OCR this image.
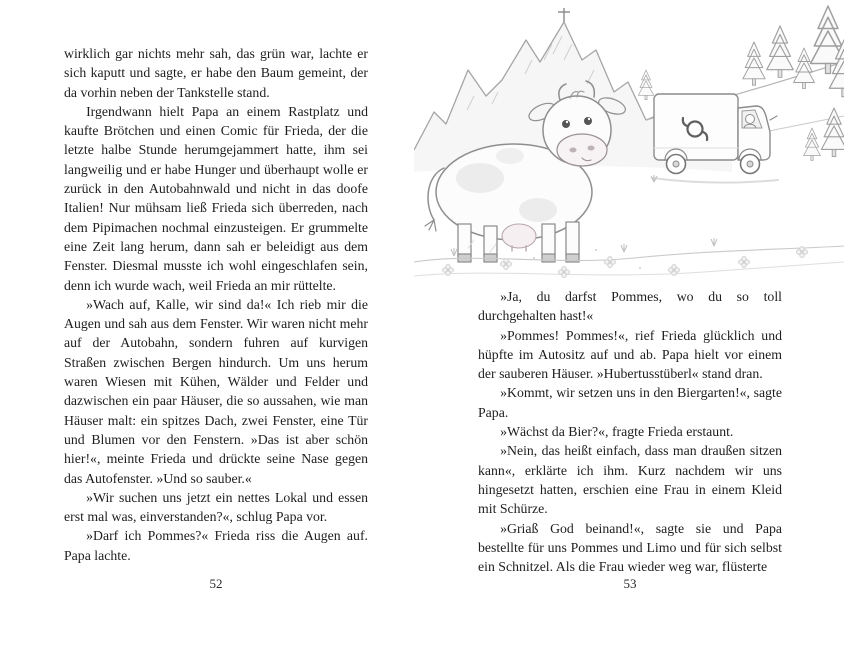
wirklich gar nichts mehr sah, das grün war, lachte er sich kaputt und sagte, er habe den Baum gemeint, der da vorhin neben der Tankstelle stand.

Irgendwann hielt Papa an einem Rastplatz und kaufte Brötchen und einen Comic für Frieda, der die letzte halbe Stunde herumgejammert hatte, ihm sei langweilig und er habe Hunger und überhaupt wolle er zurück in den Autobahnwald und nicht in das doofe Italien! Nur mühsam ließ Frieda sich überreden, nach dem Pipimachen nochmal einzusteigen. Er grummelte eine Zeit lang herum, dann sah er beleidigt aus dem Fenster. Diesmal musste ich wohl eingeschlafen sein, denn ich wurde wach, weil Frieda an mir rüttelte.

»Wach auf, Kalle, wir sind da!« Ich rieb mir die Augen und sah aus dem Fenster. Wir waren nicht mehr auf der Autobahn, sondern fuhren auf kurvigen Straßen zwischen Bergen hindurch. Um uns herum waren Wiesen mit Kühen, Wälder und Felder und dazwischen ein paar Häuser, die so aussahen, wie man Häuser malt: ein spitzes Dach, zwei Fenster, eine Tür und Blumen vor den Fenstern. »Das ist aber schön hier!«, meinte Frieda und drückte seine Nase gegen das Autofenster. »Und so sauber.«

»Wir suchen uns jetzt ein nettes Lokal und essen erst mal was, einverstanden?«, schlug Papa vor.

»Darf ich Pommes?« Frieda riss die Augen auf. Papa lachte.

52

»Ja, du darfst Pommes, wo du so toll durchgehalten hast!«

»Pommes! Pommes!«, rief Frieda glücklich und hüpfte im Autositz auf und ab. Papa hielt vor einem der sauberen Häuser. »Hubertusstüberl« stand dran.

»Kommt, wir setzen uns in den Biergarten!«, sagte Papa.

»Wächst da Bier?«, fragte Frieda erstaunt.

»Nein, das heißt einfach, dass man draußen sitzen kann«, erklärte ich ihm. Kurz nachdem wir uns hingesetzt hatten, erschien eine Frau in einem Kleid mit Schürze.

»Griaß God beinand!«, sagte sie und Papa bestellte für uns Pommes und Limo und für sich selbst ein Schnitzel. Als die Frau wieder weg war, flüsterte

53
